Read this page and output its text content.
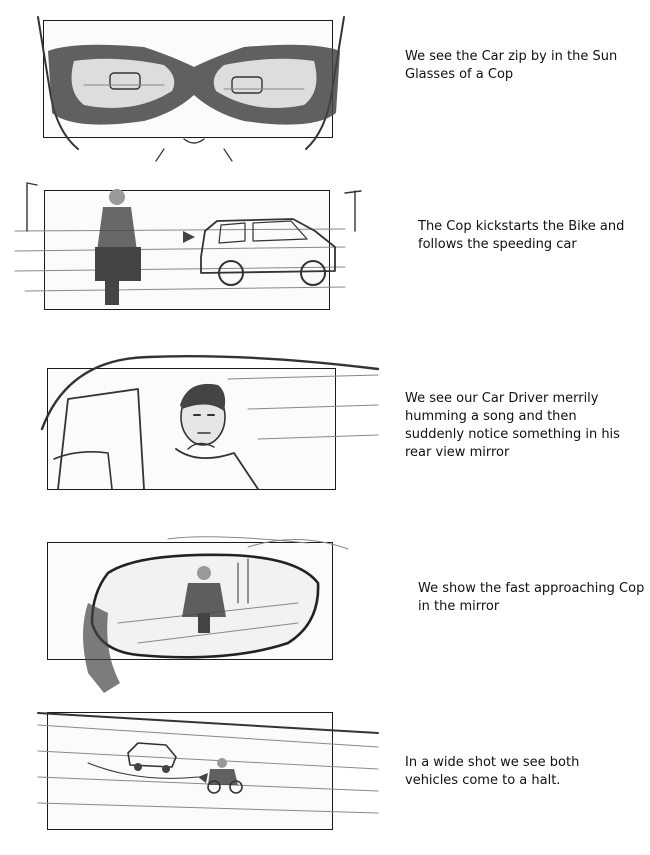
We see the Car zip by in the Sun Glasses of a Cop
The Cop kickstarts the Bike and follows the speeding car
We see our Car Driver merrily humming a song and then suddenly notice something in his rear view mirror
We show the fast approaching Cop in the mirror
In a wide shot we see both vehicles come to a halt.
